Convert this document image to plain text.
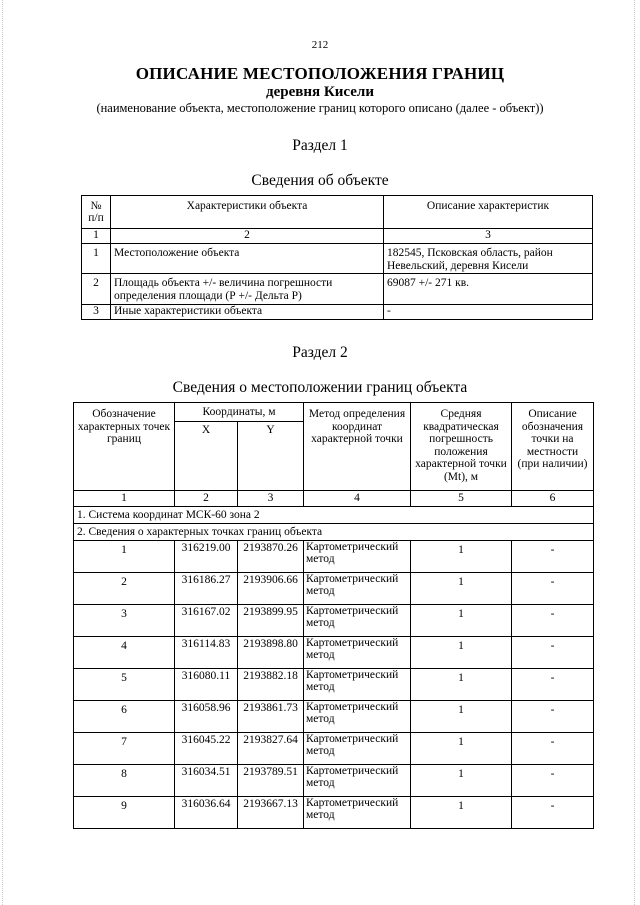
212
ОПИСАНИЕ МЕСТОПОЛОЖЕНИЯ ГРАНИЦ
деревня Кисели
(наименование объекта, местоположение границ которого описано (далее - объект))
Раздел 1
Сведения об объекте
№ п/п	Характеристики объекта	Описание характеристик
1	2	3
1	Местоположение объекта	182545, Псковская область, район Невельский, деревня Кисели
2	Площадь объекта +/- величина погрешности определения площади (Р +/- Дельта Р)	69087 +/- 271 кв.
3	Иные характеристики объекта	-
Раздел 2
Сведения о местоположении границ объекта
Обозначение характерных точек границ	Координаты, м		Метод определения координат характерной точки	Средняя квадратическая погрешность положения характерной точки (Mt), м	Описание обозначения точки на местности (при наличии)
	X	Y			
1	2	3	4	5	6
1. Система координат МСК-60 зона 2					
2. Сведения о характерных точках границ объекта					
1	316219.00	2193870.26	Картометрический метод	1	-
2	316186.27	2193906.66	Картометрический метод	1	-
3	316167.02	2193899.95	Картометрический метод	1	-
4	316114.83	2193898.80	Картометрический метод	1	-
5	316080.11	2193882.18	Картометрический метод	1	-
6	316058.96	2193861.73	Картометрический метод	1	-
7	316045.22	2193827.64	Картометрический метод	1	-
8	316034.51	2193789.51	Картометрический метод	1	-
9	316036.64	2193667.13	Картометрический метод	1	-
